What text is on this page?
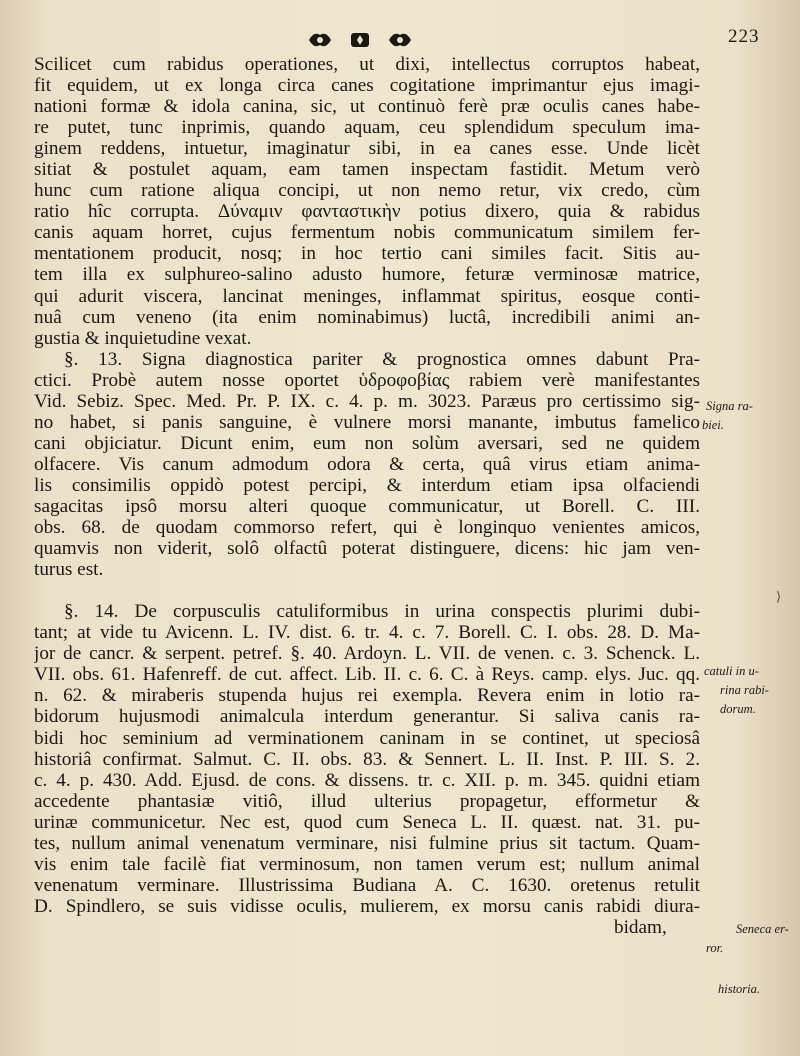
223
Scilicet cum rabidus operationes, ut dixi, intellectus corruptos habeat,
fit equidem, ut ex longa circa canes cogitatione imprimantur ejus imagi-
nationi formæ & idola canina, sic, ut continuò ferè præ oculis canes habe-
re putet, tunc inprimis, quando aquam, ceu splendidum speculum ima-
ginem reddens, intuetur, imaginatur sibi, in ea canes esse. Unde licèt
sitiat & postulet aquam, eam tamen inspectam fastidit. Metum verò
hunc cum ratione aliqua concipi, ut non nemo retur, vix credo, cùm
ratio hîc corrupta. Δύναμιν φανταστικὴν potius dixero, quia & rabidus
canis aquam horret, cujus fermentum nobis communicatum similem fer-
mentationem producit, nosq; in hoc tertio cani similes facit. Sitis au-
tem illa ex sulphureo-salino adusto humore, feturæ verminosæ matrice,
qui adurit viscera, lancinat meninges, inflammat spiritus, eosque conti-
nuâ cum veneno (ita enim nominabimus) luctâ, incredibili animi an-
gustia & inquietudine vexat.
§. 13. Signa diagnostica pariter & prognostica omnes dabunt Pra-
ctici. Probè autem nosse oportet ὑδροφοβίας rabiem verè manifestantes
Vid. Sebiz. Spec. Med. Pr. P. IX. c. 4. p. m. 3023. Paræus pro certissimo sig-
no habet, si panis sanguine, è vulnere morsi manante, imbutus famelico
cani objiciatur. Dicunt enim, eum non solùm aversari, sed ne quidem
olfacere. Vis canum admodum odora & certa, quâ virus etiam anima-
lis consimilis oppidò potest percipi, & interdum etiam ipsa olfaciendi
sagacitas ipsô morsu alteri quoque communicatur, ut Borell. C. III.
obs. 68. de quodam commorso refert, qui è longinquo venientes amicos,
quamvis non viderit, solô olfactû poterat distinguere, dicens: hic jam ven-
turus est.
§. 14. De corpusculis catuliformibus in urina conspectis plurimi dubi-
tant; at vide tu Avicenn. L. IV. dist. 6. tr. 4. c. 7. Borell. C. I. obs. 28. D. Ma-
jor de cancr. & serpent. petref. §. 40. Ardoyn. L. VII. de venen. c. 3. Schenck. L.
VII. obs. 61. Hafenreff. de cut. affect. Lib. II. c. 6. C. à Reys. camp. elys. Juc. qq.
n. 62. & miraberis stupenda hujus rei exempla. Revera enim in lotio ra-
bidorum hujusmodi animalcula interdum generantur. Si saliva canis ra-
bidi hoc seminium ad verminationem caninam in se continet, ut speciosâ
historiâ confirmat. Salmut. C. II. obs. 83. & Sennert. L. II. Inst. P. III. S. 2.
c. 4. p. 430. Add. Ejusd. de cons. & dissens. tr. c. XII. p. m. 345. quidni etiam
accedente phantasiæ vitiô, illud ulterius propagetur, efformetur &
urinæ communicetur. Nec est, quod cum Seneca L. II. quæst. nat. 31. pu-
tes, nullum animal venenatum verminare, nisi fulmine prius sit tactum. Quam-
vis enim tale facilè fiat verminosum, non tamen verum est; nullum animal
venenatum verminare. Illustrissima Budiana A. C. 1630. oretenus retulit
D. Spindlero, se suis vidisse oculis, mulierem, ex morsu canis rabidi diura-
bidam,
Signa ra-
biei.
catuli in u-
rina rabi-
dorum.
Seneca er-
ror.
historia.
⟩
